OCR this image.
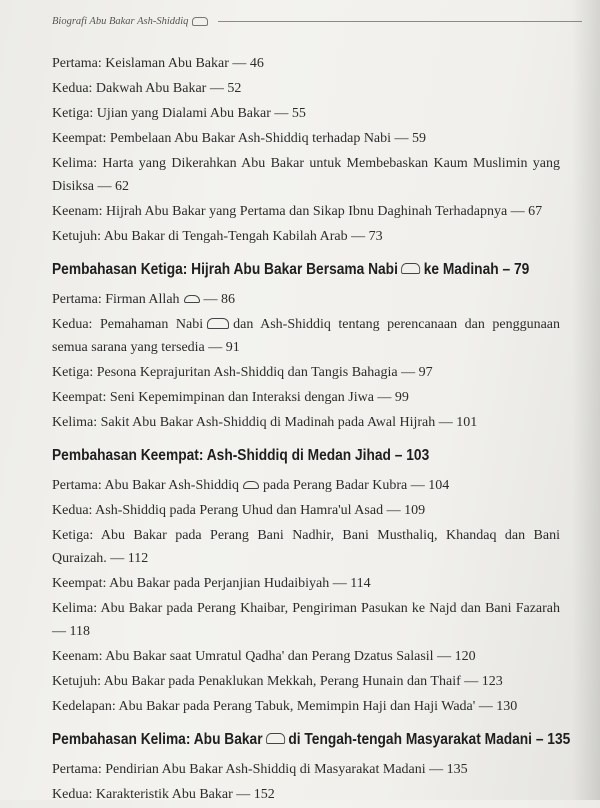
Biografi Abu Bakar Ash-Shiddiq
Pertama: Keislaman Abu Bakar — 46
Kedua: Dakwah Abu Bakar — 52
Ketiga: Ujian yang Dialami Abu Bakar — 55
Keempat: Pembelaan Abu Bakar Ash-Shiddiq terhadap Nabi — 59
Kelima: Harta yang Dikerahkan Abu Bakar untuk Membebaskan Kaum Muslimin yang Disiksa — 62
Keenam: Hijrah Abu Bakar yang Pertama dan Sikap Ibnu Daghinah Terhadapnya — 67
Ketujuh: Abu Bakar di Tengah-Tengah Kabilah Arab — 73
Pembahasan Ketiga: Hijrah Abu Bakar Bersama Nabi ke Madinah – 79
Pertama: Firman Allah — 86
Kedua: Pemahaman Nabi dan Ash-Shiddiq tentang perencanaan dan penggunaan semua sarana yang tersedia — 91
Ketiga: Pesona Keprajuritan Ash-Shiddiq dan Tangis Bahagia — 97
Keempat: Seni Kepemimpinan dan Interaksi dengan Jiwa — 99
Kelima: Sakit Abu Bakar Ash-Shiddiq di Madinah pada Awal Hijrah — 101
Pembahasan Keempat: Ash-Shiddiq di Medan Jihad – 103
Pertama: Abu Bakar Ash-Shiddiq pada Perang Badar Kubra — 104
Kedua: Ash-Shiddiq pada Perang Uhud dan Hamra'ul Asad — 109
Ketiga: Abu Bakar pada Perang Bani Nadhir, Bani Musthaliq, Khandaq dan Bani Quraizah. — 112
Keempat: Abu Bakar pada Perjanjian Hudaibiyah — 114
Kelima: Abu Bakar pada Perang Khaibar, Pengiriman Pasukan ke Najd dan Bani Fazarah — 118
Keenam: Abu Bakar saat Umratul Qadha' dan Perang Dzatus Salasil — 120
Ketujuh: Abu Bakar pada Penaklukan Mekkah, Perang Hunain dan Thaif — 123
Kedelapan: Abu Bakar pada Perang Tabuk, Memimpin Haji dan Haji Wada' — 130
Pembahasan Kelima: Abu Bakar di Tengah-tengah Masyarakat Madani – 135
Pertama: Pendirian Abu Bakar Ash-Shiddiq di Masyarakat Madani — 135
Kedua: Karakteristik Abu Bakar — 152
